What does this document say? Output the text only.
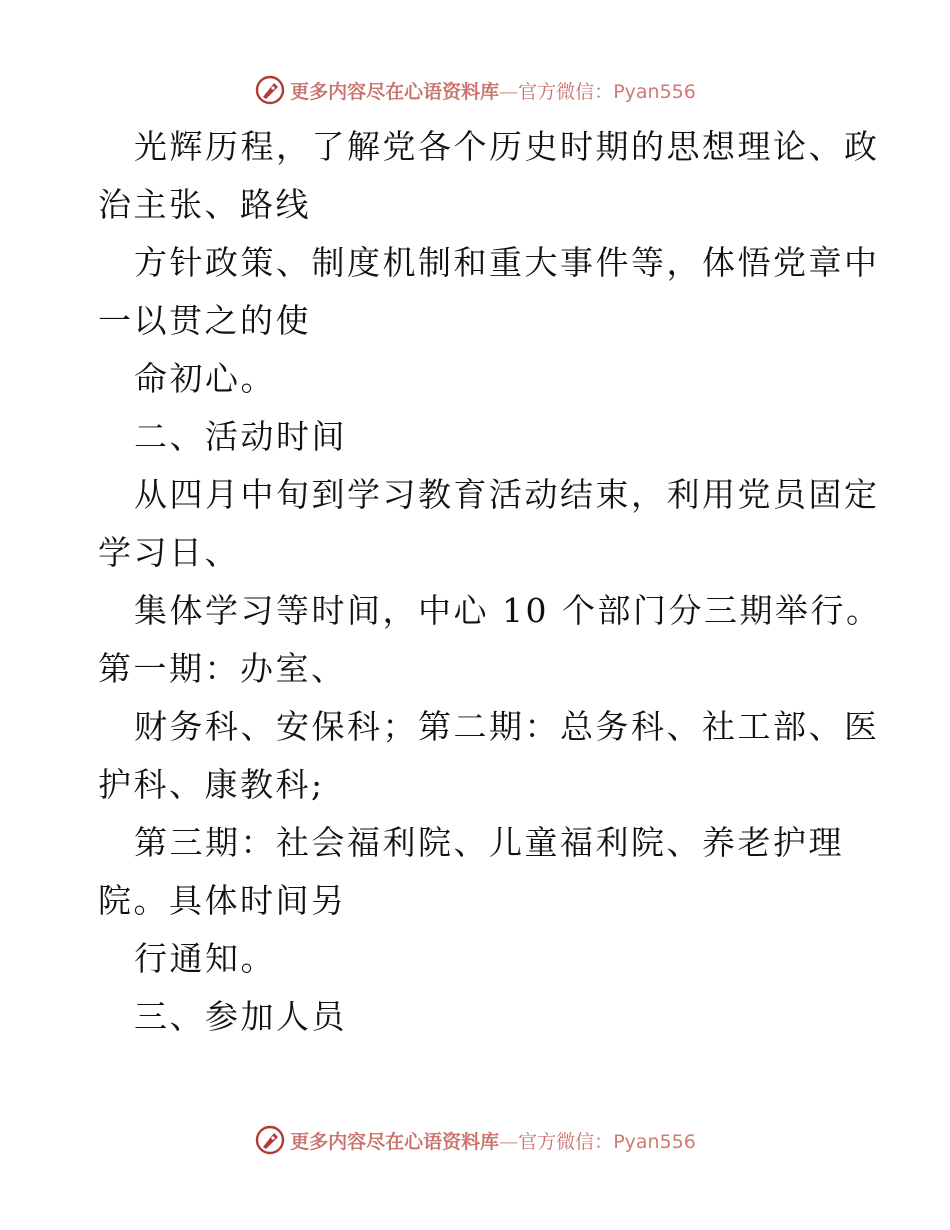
更多内容尽在心语资料库—官方微信：Pyan556
光辉历程，了解党各个历史时期的思想理论、政
治主张、路线
方针政策、制度机制和重大事件等，体悟党章中
一以贯之的使
命初心。
二、活动时间
从四月中旬到学习教育活动结束，利用党员固定
学习日、
集体学习等时间，中心 10 个部门分三期举行。
第一期：办室、
财务科、安保科；第二期：总务科、社工部、医
护科、康教科;
第三期：社会福利院、儿童福利院、养老护理
院。具体时间另
行通知。
三、参加人员
更多内容尽在心语资料库—官方微信：Pyan556
